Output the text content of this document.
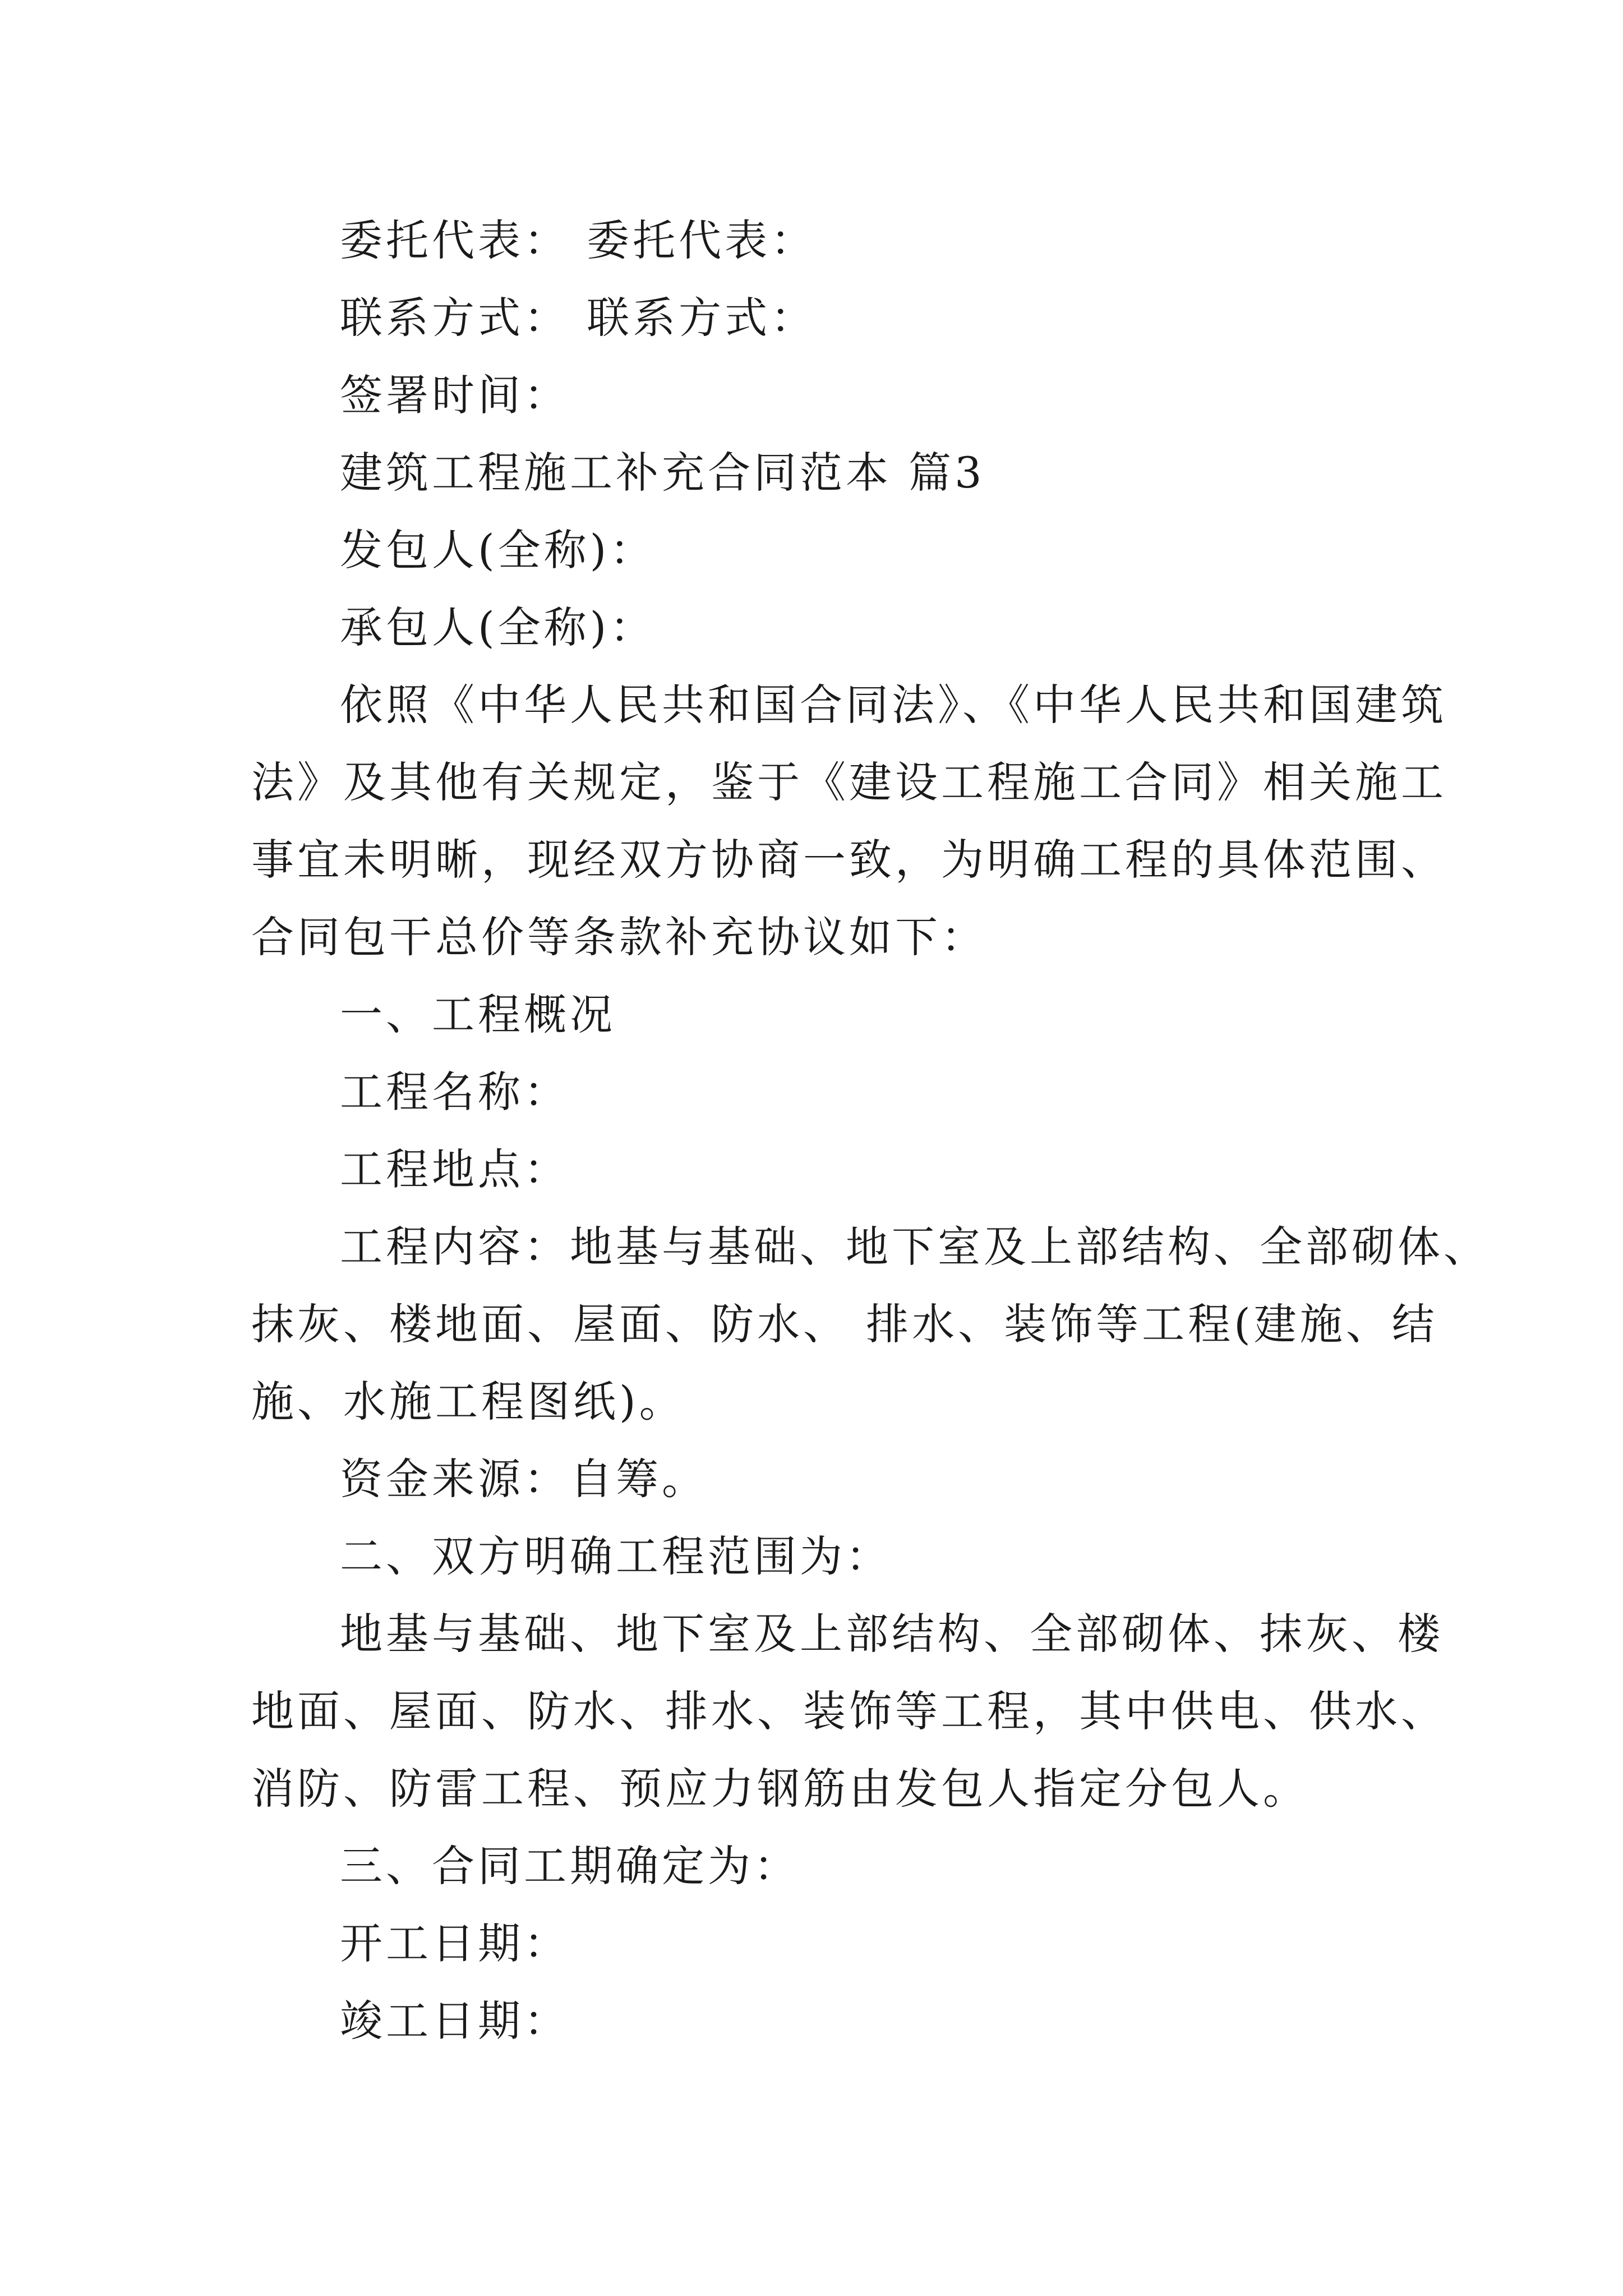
委托代表： 委托代表：
联系方式： 联系方式：
签署时间：
建筑工程施工补充合同范本 篇3
发包人(全称)：
承包人(全称)：
依照《中华人民共和国合同法》、《中华人民共和国建筑
法》及其他有关规定，鉴于《建设工程施工合同》相关施工
事宜未明晰，现经双方协商一致，为明确工程的具体范围、
合同包干总价等条款补充协议如下：
一、工程概况
工程名称：
工程地点：
工程内容：地基与基础、地下室及上部结构、全部砌体、
抹灰、楼地面、屋面、防水、 排水、装饰等工程(建施、结
施、水施工程图纸)。
资金来源：自筹。
二、双方明确工程范围为：
地基与基础、地下室及上部结构、全部砌体、抹灰、楼
地面、屋面、防水、排水、装饰等工程，其中供电、供水、
消防、防雷工程、预应力钢筋由发包人指定分包人。
三、合同工期确定为：
开工日期：
竣工日期：
